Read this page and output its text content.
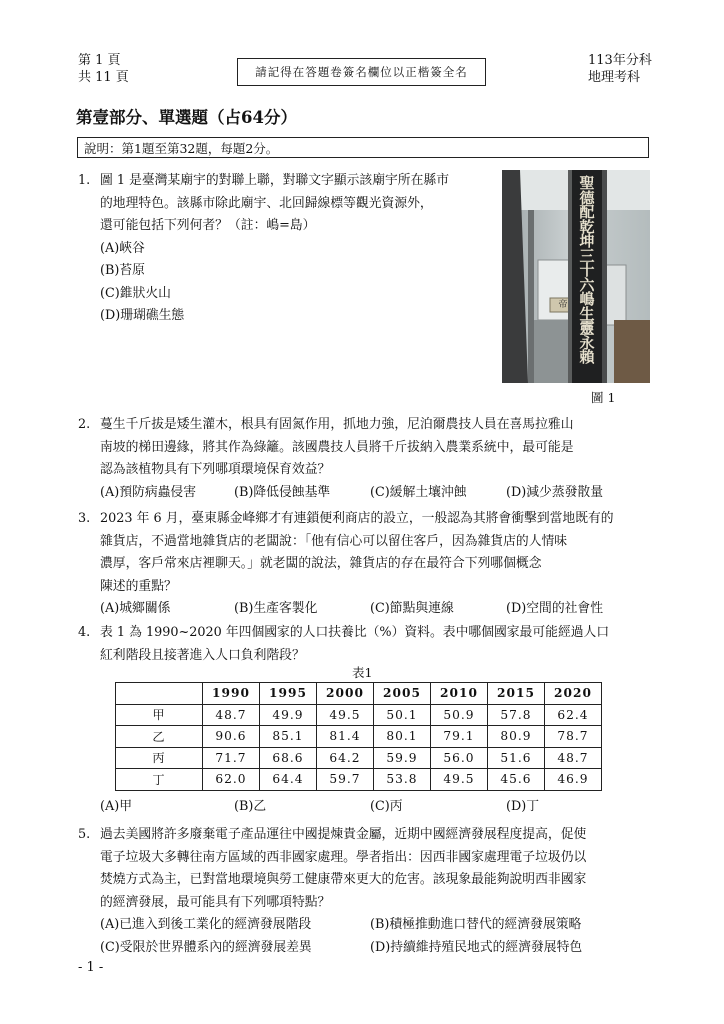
第 1 頁
共 11 頁	請記得在答題卷簽名欄位以正楷簽全名
113年分科
地理考科
第壹部分、單選題（占64分）
說明：第1題至第32題，每題2分。
1. 圖 1 是臺灣某廟宇的對聯上聯，對聯文字顯示該廟宇所在縣市
的地理特色。該縣市除此廟宇、北回歸線標等觀光資源外，
還可能包括下列何者？（註：嶋=島）
(A)峽谷
(B)苔原
(C)錐狀火山
(D)珊瑚礁生態
聖德配乾坤三十六嶋生靈永賴
帝
圖 1
2. 蔓生千斤拔是矮生灌木，根具有固氮作用，抓地力強，尼泊爾農技人員在喜馬拉雅山
南坡的梯田邊緣，將其作為綠籬。該國農技人員將千斤拔納入農業系統中，最可能是
認為該植物具有下列哪項環境保育效益？
(A)預防病蟲侵害	(B)降低侵蝕基準	(C)緩解土壤沖蝕	(D)減少蒸發散量
3. 2023 年 6 月，臺東縣金峰鄉才有連鎖便利商店的設立，一般認為其將會衝擊到當地既有的
雜貨店，不過當地雜貨店的老闆說：「他有信心可以留住客戶，因為雜貨店的人情味
濃厚，客戶常來店裡聊天。」就老闆的說法，雜貨店的存在最符合下列哪個概念
陳述的重點？
(A)城鄉關係	(B)生產客製化	(C)節點與連線	(D)空間的社會性
4. 表 1 為 1990~2020 年四個國家的人口扶養比（%）資料。表中哪個國家最可能經過人口
紅利階段且接著進入人口負利階段？
表1
	1990	1995	2000	2005	2010	2015	2020
甲	48.7	49.9	49.5	50.1	50.9	57.8	62.4
乙	90.6	85.1	81.4	80.1	79.1	80.9	78.7
丙	71.7	68.6	64.2	59.9	56.0	51.6	48.7
丁	62.0	64.4	59.7	53.8	49.5	45.6	46.9
(A)甲	(B)乙	(C)丙	(D)丁
5. 過去美國將許多廢棄電子產品運往中國提煉貴金屬，近期中國經濟發展程度提高，促使
電子垃圾大多轉往南方區域的西非國家處理。學者指出：因西非國家處理電子垃圾仍以
焚燒方式為主，已對當地環境與勞工健康帶來更大的危害。該現象最能夠說明西非國家
的經濟發展，最可能具有下列哪項特點？
(A)已進入到後工業化的經濟發展階段	(B)積極推動進口替代的經濟發展策略
(C)受限於世界體系內的經濟發展差異	(D)持續維持殖民地式的經濟發展特色
- 1 -
